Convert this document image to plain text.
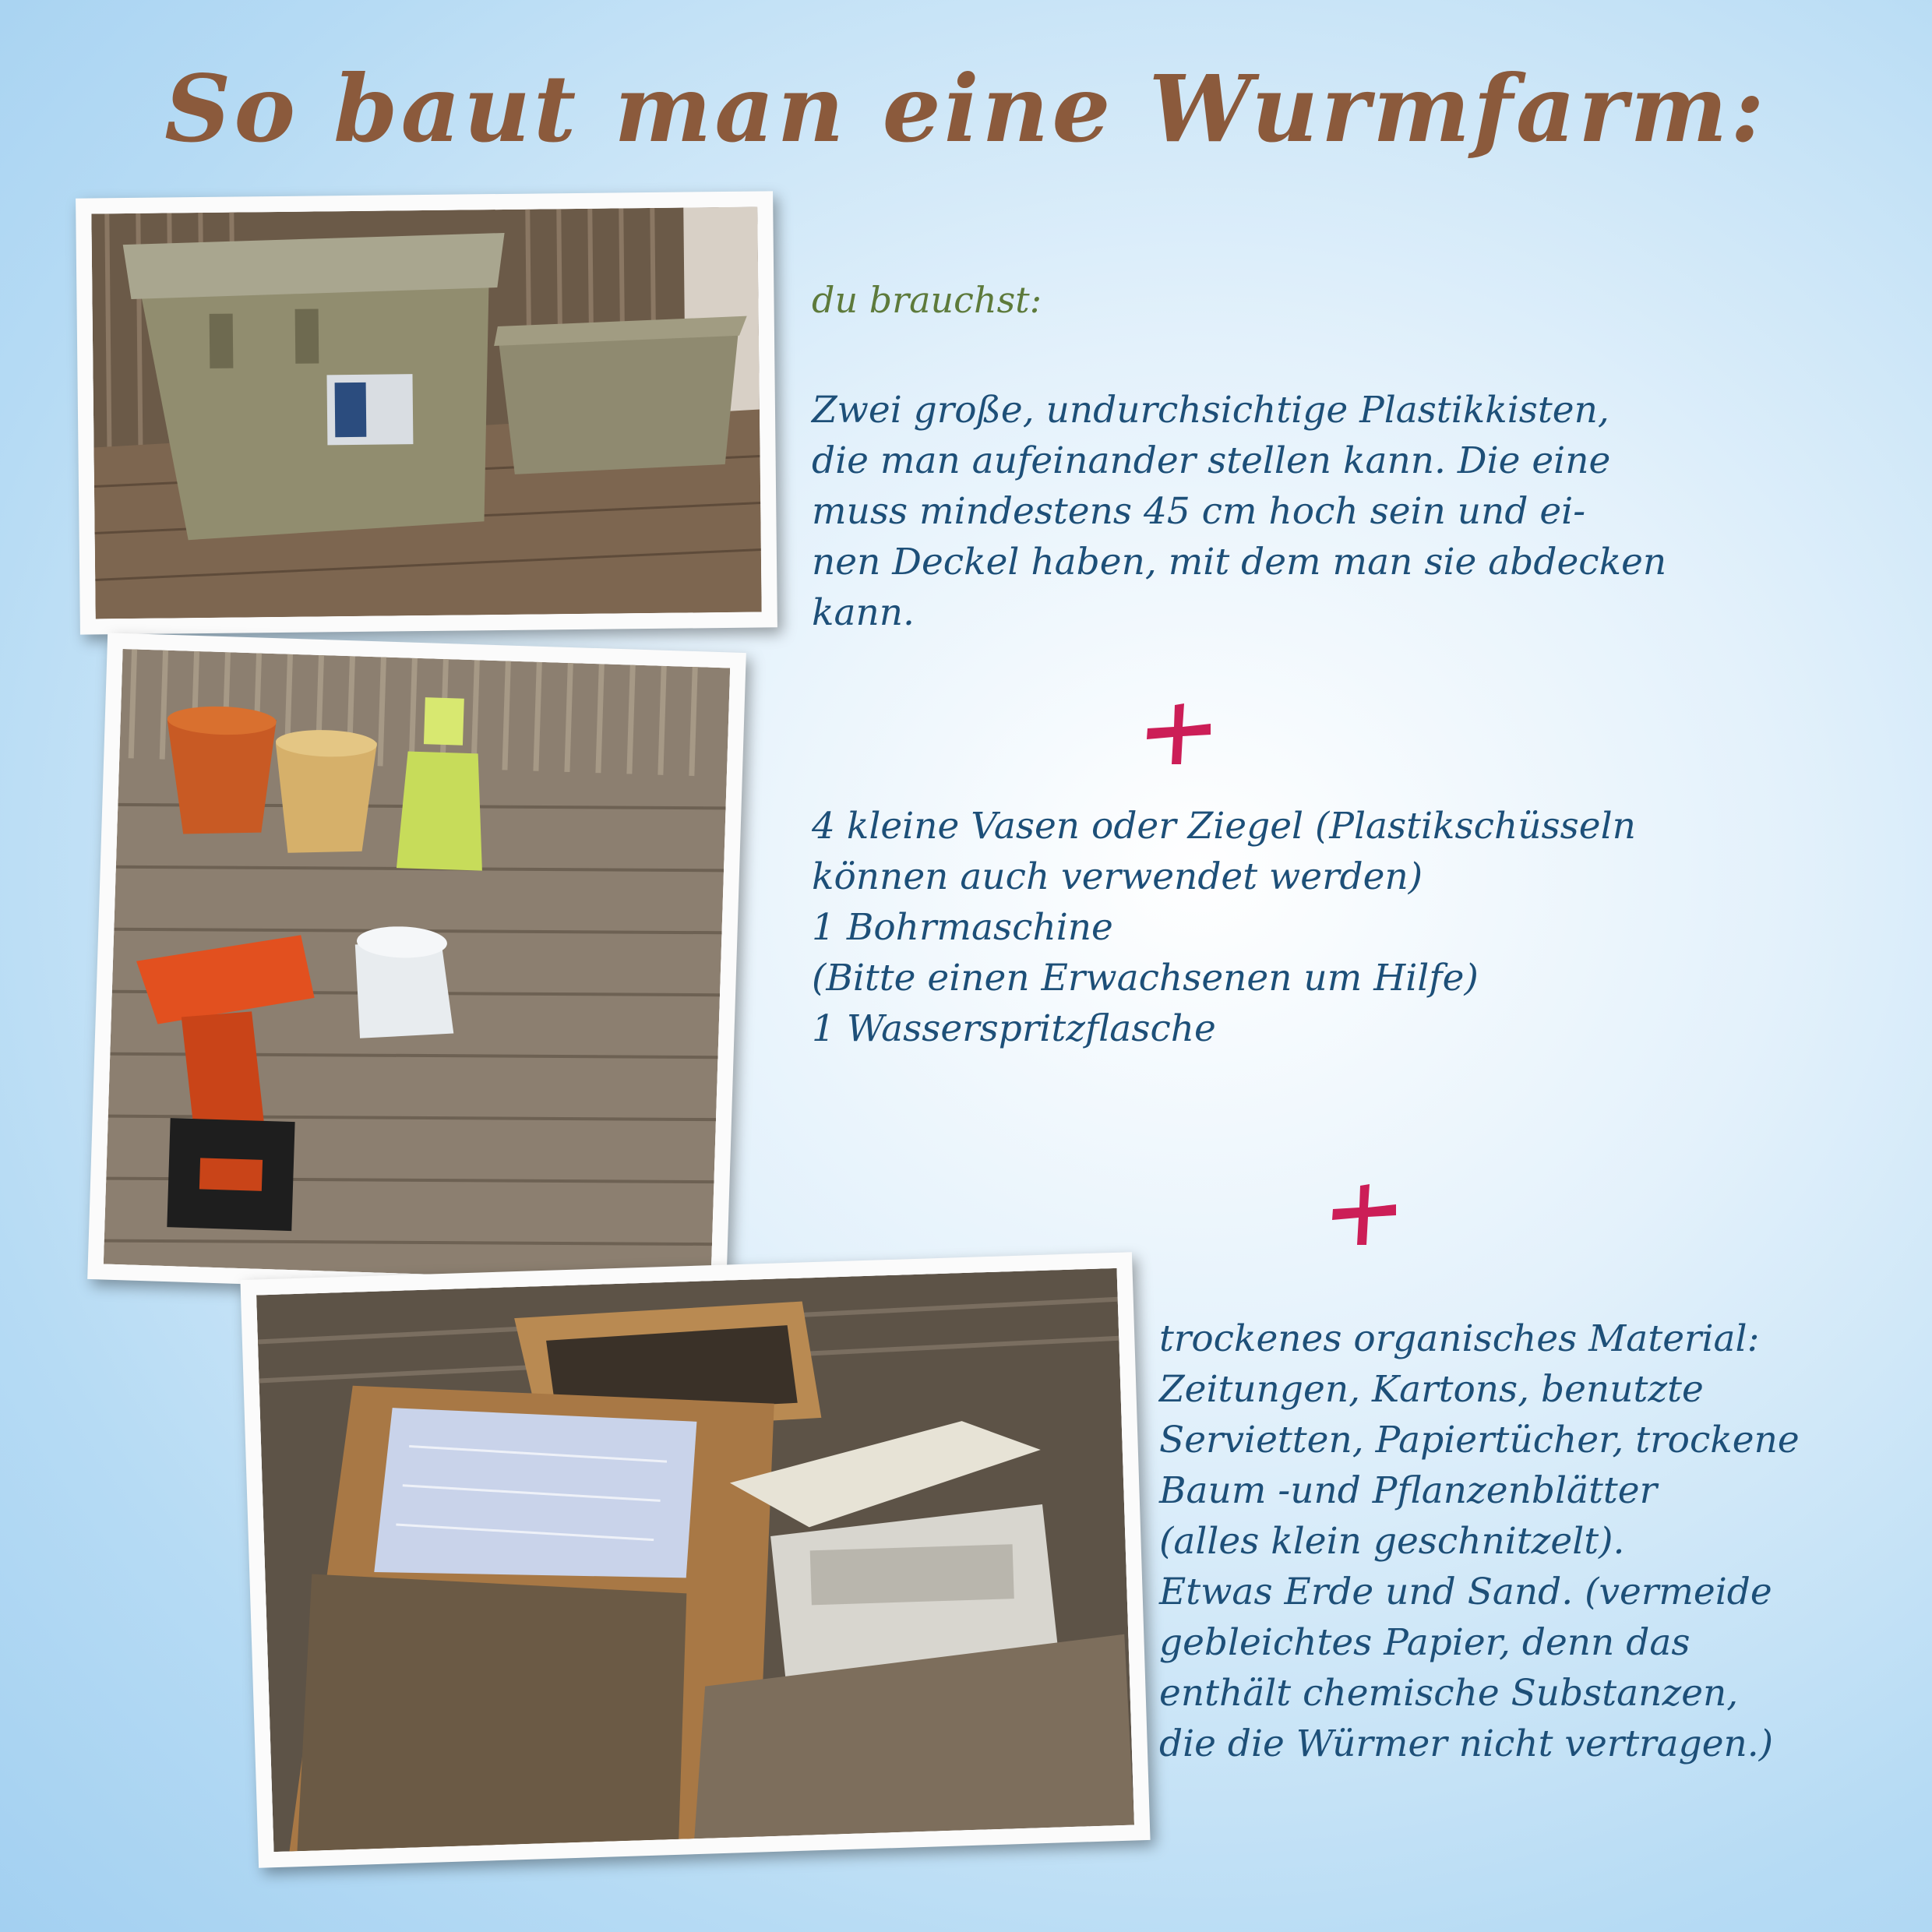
So baut man eine Wurmfarm:
du brauchst:
Zwei große, undurchsichtige Plastikkisten,
die man aufeinander stellen kann. Die eine
muss mindestens 45 cm hoch sein und ei-
nen Deckel haben, mit dem man sie abdecken
kann.
4 kleine Vasen oder Ziegel (Plastikschüsseln
können auch verwendet werden)
1 Bohrmaschine
(Bitte einen Erwachsenen um Hilfe)
1 Wasserspritzflasche
trockenes organisches Material:
Zeitungen, Kartons, benutzte
Servietten, Papiertücher, trockene
Baum -und Pflanzenblätter
(alles klein geschnitzelt).
Etwas Erde und Sand. (vermeide
gebleichtes Papier, denn das
enthält chemische Substanzen,
die die Würmer nicht vertragen.)
